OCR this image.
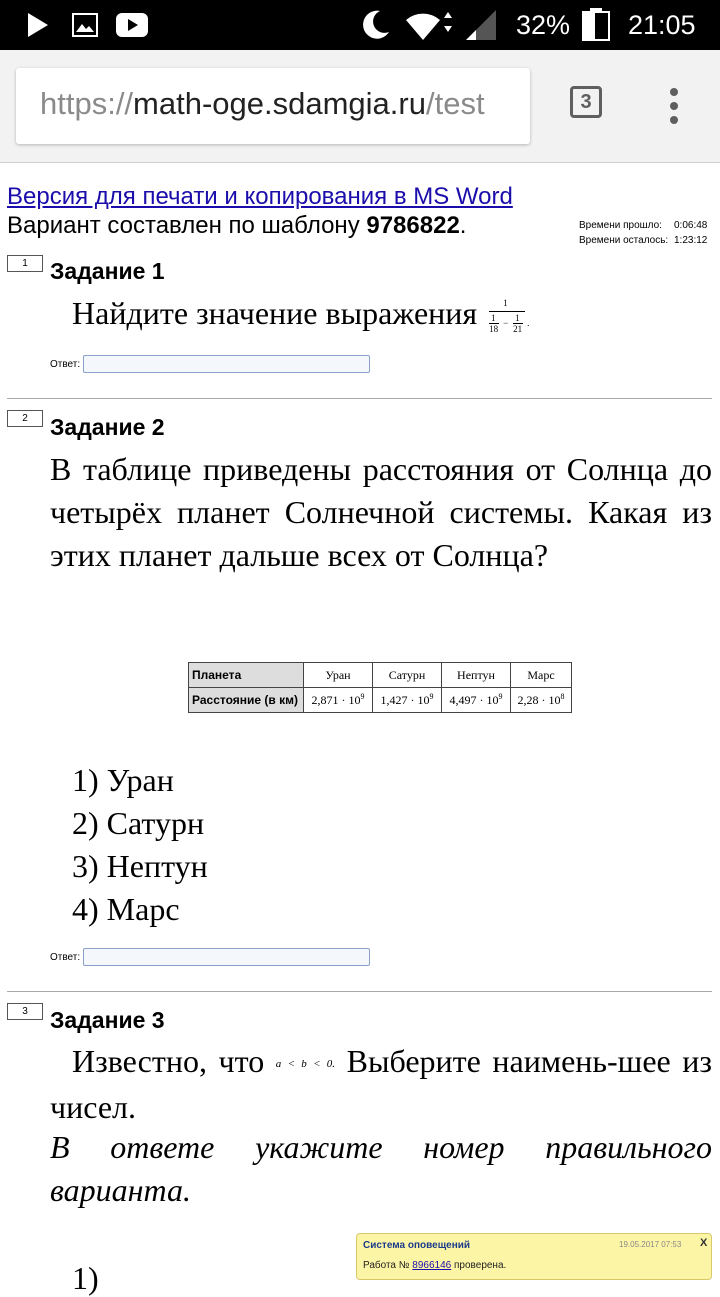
32% 21:05
https://math-oge.sdamgia.ru/test	3
Версия для печати и копирования в MS Word
Вариант составлен по шаблону 9786822.	Времени прошло:	0:06:48
Времени осталось: 1:23:12
1 Задание 1
Найдите значение выражения	1
1
18
− 1
21
.
Ответ:
2 Задание 2
В таблице приведены расстояния от Солнца до четырёх планет Солнечной системы. Какая из этих планет дальше всех от Солнца?
Планета	Уран	Сатурн	Нептун	Марс
Расстояние (в км)	$2,871 \cdot 10^9$	$1,427 \cdot 10^9$	$4,497 \cdot 10^9$	$2,28 \cdot 10^8$
1) Уран
2) Сатурн
3) Нептун
4) Марс
Ответ:
3 Задание 3
Известно, что a < b < 0. Выберите наимень-шее из чисел.
В ответе укажите номер правильного варианта.
1)
Система оповещений	19.05.2017 07:53 X
Работа № 8966146 проверена.
